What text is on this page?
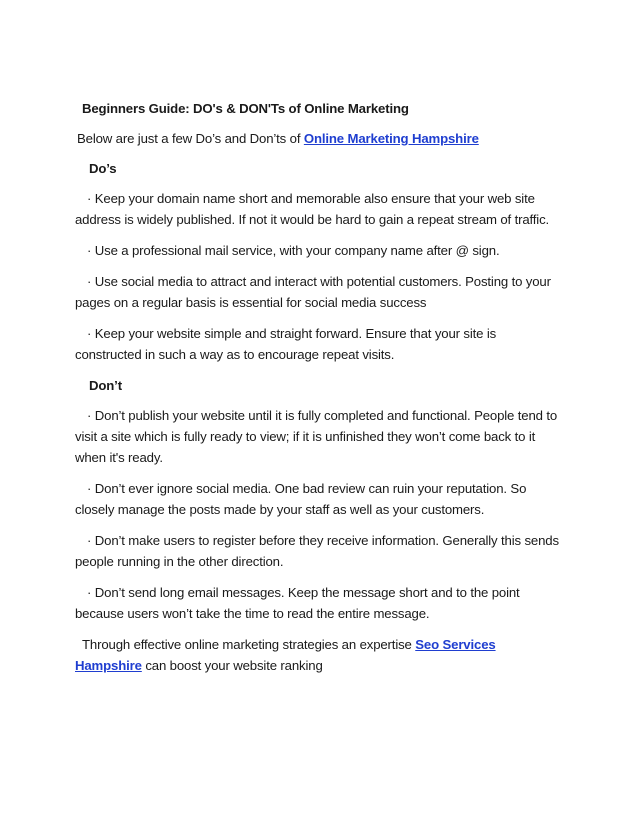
Beginners Guide: DO's & DON'Ts of Online Marketing

Below are just a few Do’s and Don’ts of Online Marketing Hampshire

Do’s

· Keep your domain name short and memorable also ensure that your web site address is widely published. If not it would be hard to gain a repeat stream of traffic.

· Use a professional mail service, with your company name after @ sign.

· Use social media to attract and interact with potential customers. Posting to your pages on a regular basis is essential for social media success

· Keep your website simple and straight forward. Ensure that your site is constructed in such a way as to encourage repeat visits.

Don’t

· Don’t publish your website until it is fully completed and functional. People tend to visit a site which is fully ready to view; if it is unfinished they won’t come back to it when it's ready.

· Don’t ever ignore social media. One bad review can ruin your reputation. So closely manage the posts made by your staff as well as your customers.

· Don’t make users to register before they receive information. Generally this sends people running in the other direction.

· Don’t send long email messages. Keep the message short and to the point because users won’t take the time to read the entire message.

Through effective online marketing strategies an expertise Seo Services Hampshire can boost your website ranking
